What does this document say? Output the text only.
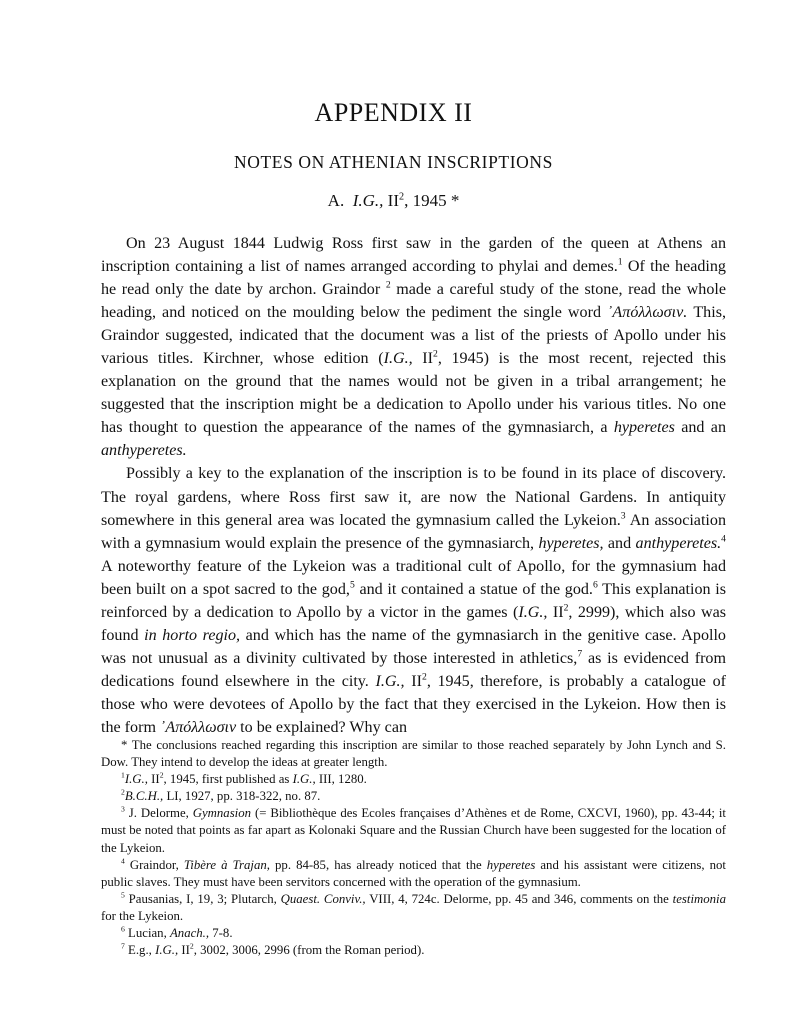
APPENDIX II
NOTES ON ATHENIAN INSCRIPTIONS
A. I.G., $II^2$, 1945 *

On 23 August 1844 Ludwig Ross first saw in the garden of the queen at Athens an inscription containing a list of names arranged according to phylai and demes.$^1$ Of the heading he read only the date by archon. Graindor $^2$ made a careful study of the stone, read the whole heading, and noticed on the moulding below the pediment the single word ᾿Απόλλωσιν. This, Graindor suggested, indicated that the document was a list of the priests of Apollo under his various titles. Kirchner, whose edition (I.G., $II^2$, 1945) is the most recent, rejected this explanation on the ground that the names would not be given in a tribal arrangement; he suggested that the inscription might be a dedication to Apollo under his various titles. No one has thought to question the appearance of the names of the gymnasiarch, a hyperetes and an anthyperetes.

Possibly a key to the explanation of the inscription is to be found in its place of discovery. The royal gardens, where Ross first saw it, are now the National Gardens. In antiquity somewhere in this general area was located the gymnasium called the Lykeion.$^3$ An association with a gymnasium would explain the presence of the gymnasiarch, hyperetes, and anthyperetes.$^4$ A noteworthy feature of the Lykeion was a traditional cult of Apollo, for the gymnasium had been built on a spot sacred to the god,$^5$ and it contained a statue of the god.$^6$ This explanation is reinforced by a dedication to Apollo by a victor in the games (I.G., $II^2$, 2999), which also was found in horto regio, and which has the name of the gymnasiarch in the genitive case. Apollo was not unusual as a divinity cultivated by those interested in athletics,$^7$ as is evidenced from dedications found elsewhere in the city. I.G., $II^2$, 1945, therefore, is probably a catalogue of those who were devotees of Apollo by the fact that they exercised in the Lykeion. How then is the form ᾿Απόλλωσιν to be explained? Why can

* The conclusions reached regarding this inscription are similar to those reached separately by John Lynch and S. Dow. They intend to develop the ideas at greater length.

$^1$I.G., $II^2$, 1945, first published as I.G., III, 1280.

$^2$B.C.H., LI, 1927, pp. 318-322, no. 87.

$^3$ J. Delorme, Gymnasion (= Bibliothèque des Ecoles françaises d’Athènes et de Rome, CXCVI, 1960), pp. 43-44; it must be noted that points as far apart as Kolonaki Square and the Russian Church have been suggested for the location of the Lykeion.

$^4$ Graindor, Tibère à Trajan, pp. 84-85, has already noticed that the hyperetes and his assistant were citizens, not public slaves. They must have been servitors concerned with the operation of the gymnasium.

$^5$ Pausanias, I, 19, 3; Plutarch, Quaest. Conviv., VIII, 4, 724c. Delorme, pp. 45 and 346, comments on the testimonia for the Lykeion.

$^6$ Lucian, Anach., 7-8.

$^7$ E.g., I.G., $II^2$, 3002, 3006, 2996 (from the Roman period).
